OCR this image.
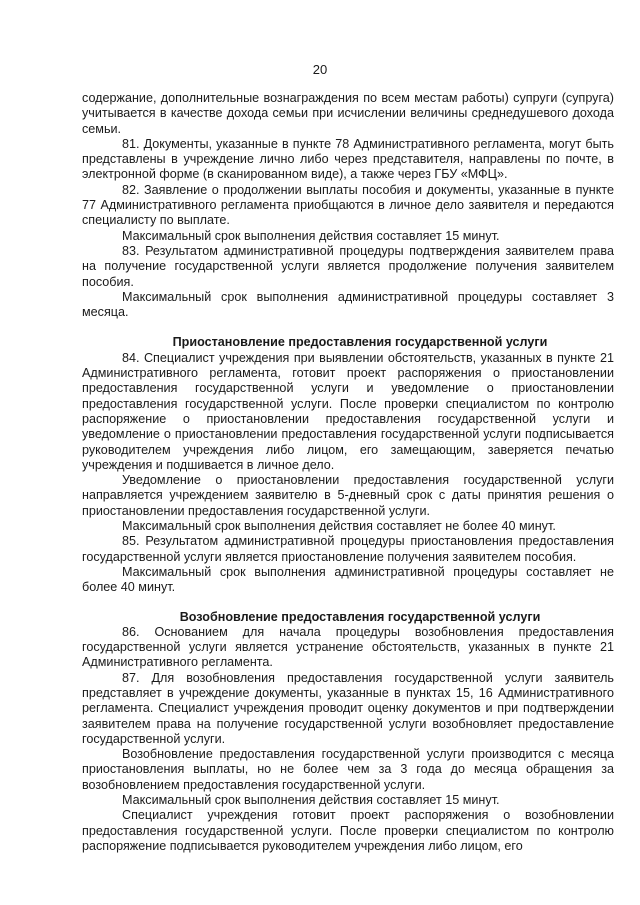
20

содержание, дополнительные вознаграждения по всем местам работы) супруги (супруга) учитывается в качестве дохода семьи при исчислении величины среднедушевого дохода семьи.

81. Документы, указанные в пункте 78 Административного регламента, могут быть представлены в учреждение лично либо через представителя, направлены по почте, в электронной форме (в сканированном виде), а также через ГБУ «МФЦ».

82. Заявление о продолжении выплаты пособия и документы, указанные в пункте 77 Административного регламента приобщаются в личное дело заявителя и передаются специалисту по выплате.

Максимальный срок выполнения действия составляет 15 минут.

83. Результатом административной процедуры подтверждения заявителем права на получение государственной услуги является продолжение получения заявителем пособия.

Максимальный срок выполнения административной процедуры составляет 3 месяца.

Приостановление предоставления государственной услуги

84. Специалист учреждения при выявлении обстоятельств, указанных в пункте 21 Административного регламента, готовит проект распоряжения о приостановлении предоставления государственной услуги и уведомление о приостановлении предоставления государственной услуги. После проверки специалистом по контролю распоряжение о приостановлении предоставления государственной услуги и уведомление о приостановлении предоставления государственной услуги подписывается руководителем учреждения либо лицом, его замещающим, заверяется печатью учреждения и подшивается в личное дело.

Уведомление о приостановлении предоставления государственной услуги направляется учреждением заявителю в 5-дневный срок с даты принятия решения о приостановлении предоставления государственной услуги.

Максимальный срок выполнения действия составляет не более 40 минут.

85. Результатом административной процедуры приостановления предоставления государственной услуги является приостановление получения заявителем пособия.

Максимальный срок выполнения административной процедуры составляет не более 40 минут.

Возобновление предоставления государственной услуги

86. Основанием для начала процедуры возобновления предоставления государственной услуги является устранение обстоятельств, указанных в пункте 21 Административного регламента.

87. Для возобновления предоставления государственной услуги заявитель представляет в учреждение документы, указанные в пунктах 15, 16 Административного регламента. Специалист учреждения проводит оценку документов и при подтверждении заявителем права на получение государственной услуги возобновляет предоставление государственной услуги.

Возобновление предоставления государственной услуги производится с месяца приостановления выплаты, но не более чем за 3 года до месяца обращения за возобновлением предоставления государственной услуги.

Максимальный срок выполнения действия составляет 15 минут.

Специалист учреждения готовит проект распоряжения о возобновлении предоставления государственной услуги. После проверки специалистом по контролю распоряжение подписывается руководителем учреждения либо лицом, его
